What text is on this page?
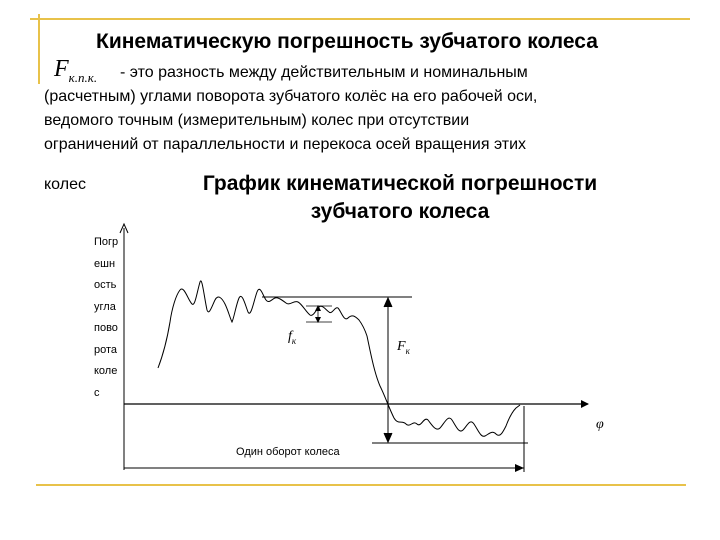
Кинематическую погрешность зубчатого колеса
$F_{к.п.к.}$ - это разность между действительным и номинальным
(расчетным) углами поворота зубчатого колёс на его рабочей оси,
ведомого точным (измерительным) колес при отсутствии
ограничений от параллельности и перекоса осей вращения этих
колес	График кинематической погрешности
зубчатого колеса
Погр
ешн
ость
угла
пово
рота
коле
с
φ
$F_к$
$f_к$
Один оборот колеса
